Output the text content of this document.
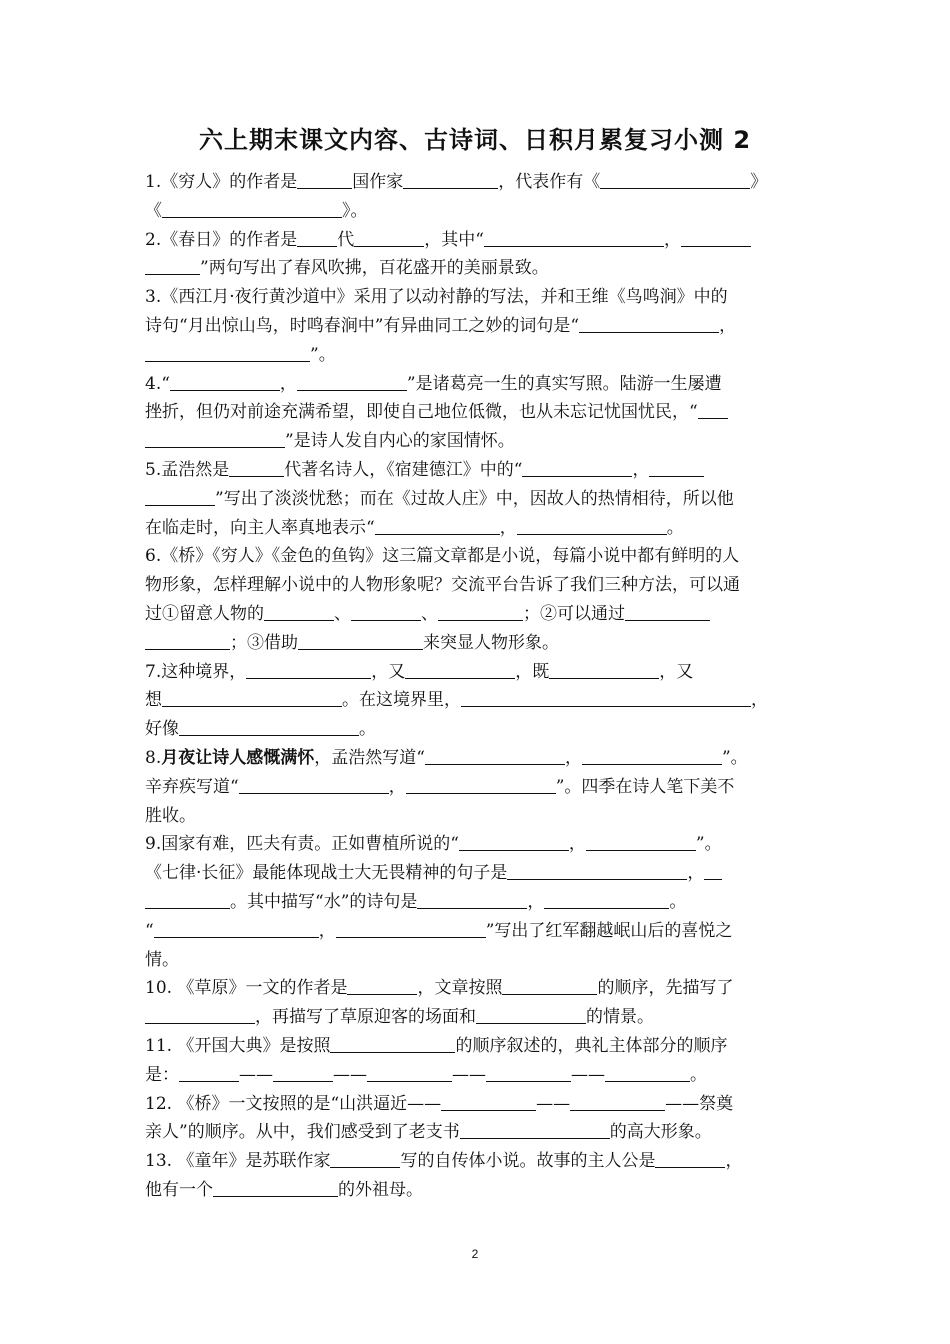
六上期末课文内容、古诗词、日积月累复习小测 2
1.《穷人》的作者是	国作家	，代表作有《	》
《	》。
2.《春日》的作者是 代	，其中“	，
”两句写出了春风吹拂，百花盛开的美丽景致。
3.《西江月·夜行黄沙道中》采用了以动衬静的写法，并和王维《鸟鸣涧》中的
诗句“月出惊山鸟，时鸣春涧中”有异曲同工之妙的词句是“	，
”。
4.“	，	”是诸葛亮一生的真实写照。陆游一生屡遭
挫折，但仍对前途充满希望，即使自己地位低微，也从未忘记忧国忧民，“
”是诗人发自内心的家国情怀。
5.孟浩然是	代著名诗人，《宿建德江》中的“	，
”写出了淡淡忧愁；而在《过故人庄》中，因故人的热情相待，所以他
在临走时，向主人率真地表示“	，	。
6.《桥》《穷人》《金色的鱼钩》这三篇文章都是小说，每篇小说中都有鲜明的人
物形象，怎样理解小说中的人物形象呢？交流平台告诉了我们三种方法，可以通
过①留意人物的	、	、	；②可以通过
；③借助	来突显人物形象。
7.这种境界，	，又	，既	，又
想	。在这境界里，	，
好像	。
8.月夜让诗人感慨满怀，孟浩然写道“	，	”。
辛弃疾写道“	，	”。四季在诗人笔下美不
胜收。
9.国家有难，匹夫有责。正如曹植所说的“	，	”。
《七律·长征》最能体现战士大无畏精神的句子是	，
。其中描写“水”的诗句是	，	。
“	，	”写出了红军翻越岷山后的喜悦之
情。
10. 《草原》一文的作者是	，文章按照	的顺序，先描写了
，再描写了草原迎客的场面和	的情景。
11. 《开国大典》是按照	的顺序叙述的，典礼主体部分的顺序
是：	——	——	——	——	。
12. 《桥》一文按照的是“山洪逼近——	——	——祭奠
亲人”的顺序。从中，我们感受到了老支书	的高大形象。
13. 《童年》是苏联作家	写的自传体小说。故事的主人公是	，
他有一个	的外祖母。
2
